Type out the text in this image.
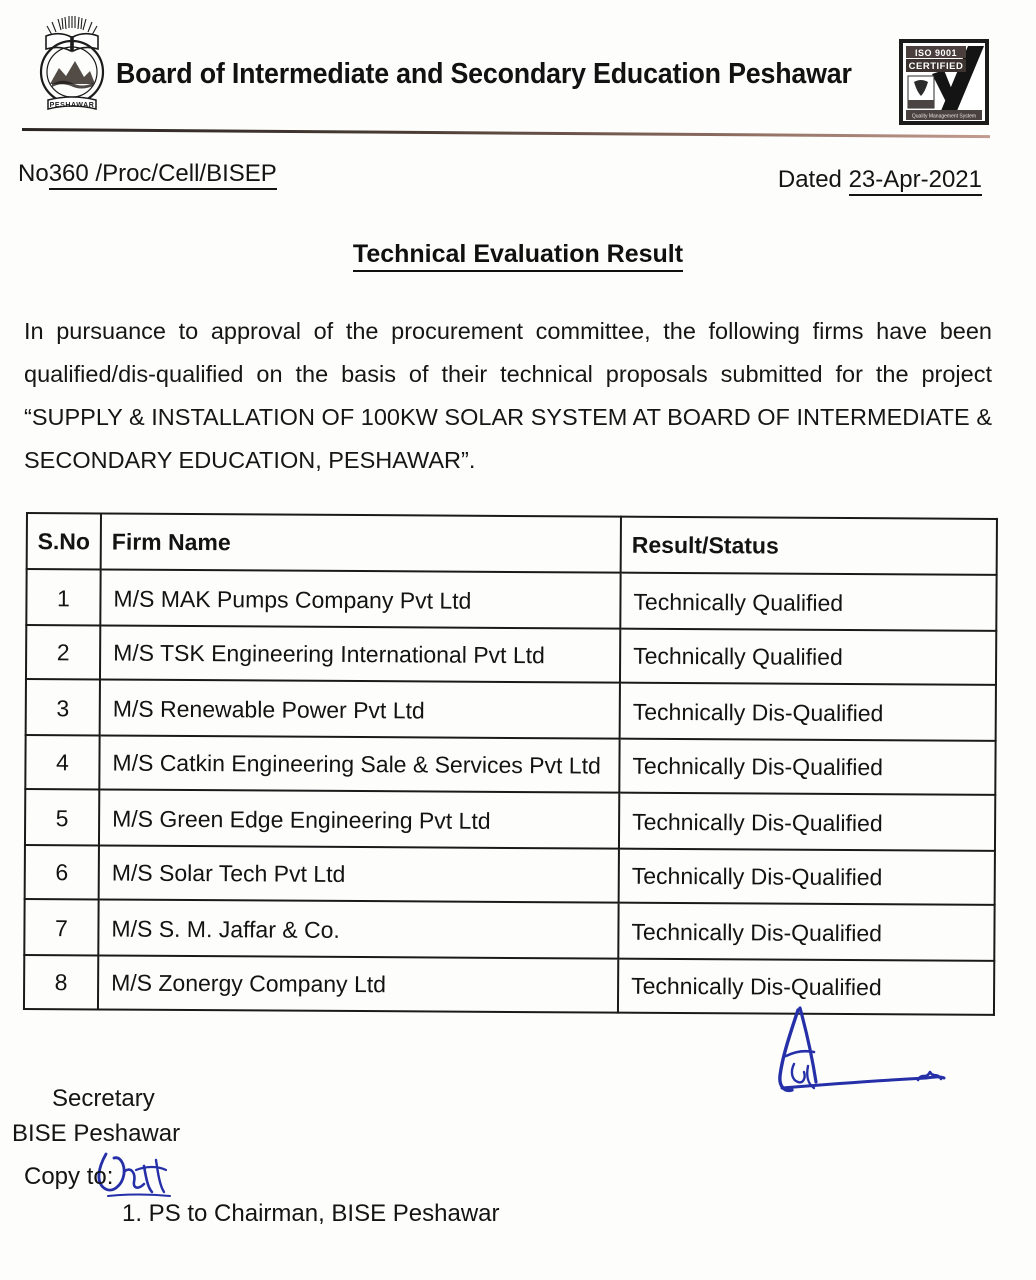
PESHAWAR
Board of Intermediate and Secondary Education Peshawar
ISO 9001
CERTIFIED
Quality Management System
No360 /Proc/Cell/BISEP	Dated 23-Apr-2021
Technical Evaluation Result
In pursuance to approval of the procurement committee, the following firms have been qualified/dis-qualified on the basis of their technical proposals submitted for the project “SUPPLY & INSTALLATION OF 100KW SOLAR SYSTEM AT BOARD OF INTERMEDIATE & SECONDARY EDUCATION, PESHAWAR”.
S.No	Firm Name	Result/Status
1	M/S MAK Pumps Company Pvt Ltd	Technically Qualified
2	M/S TSK Engineering International Pvt Ltd	Technically Qualified
3	M/S Renewable Power Pvt Ltd	Technically Dis-Qualified
4	M/S Catkin Engineering Sale & Services Pvt Ltd	Technically Dis-Qualified
5	M/S Green Edge Engineering Pvt Ltd	Technically Dis-Qualified
6	M/S Solar Tech Pvt Ltd	Technically Dis-Qualified
7	M/S S. M. Jaffar & Co.	Technically Dis-Qualified
8	M/S Zonergy Company Ltd	Technically Dis-Qualified
Secretary
BISE Peshawar
Copy to:
1. PS to Chairman, BISE Peshawar
